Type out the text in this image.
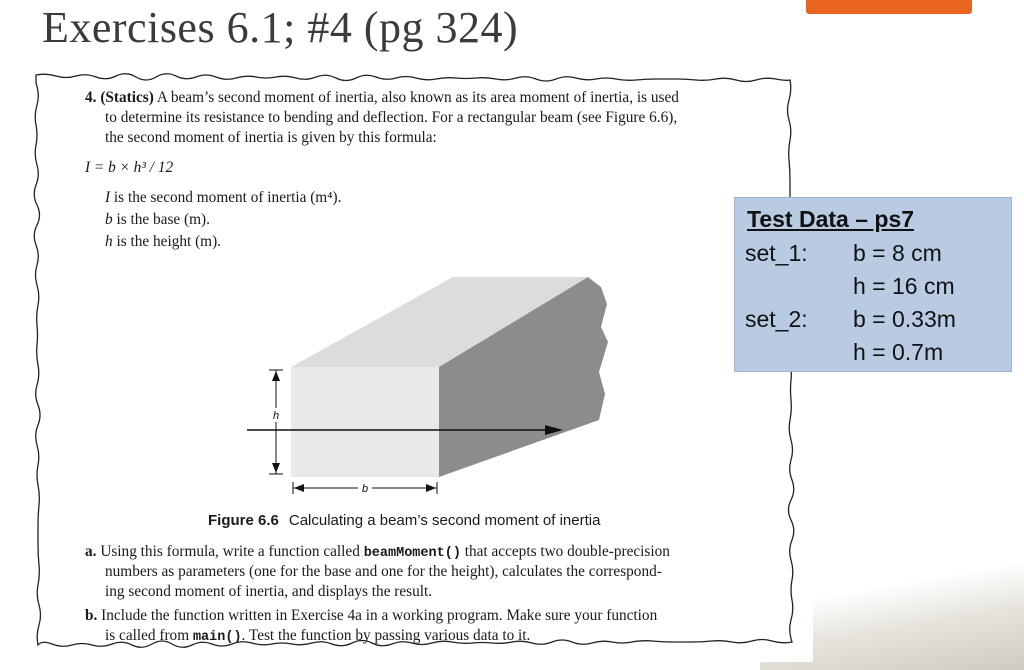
Exercises 6.1; #4 (pg 324)
4. (Statics) A beam’s second moment of inertia, also known as its area moment of inertia, is used
to determine its resistance to bending and deflection. For a rectangular beam (see Figure 6.6),
the second moment of inertia is given by this formula:
I = b × h³ / 12
I is the second moment of inertia (m⁴).
b is the base (m).
h is the height (m).
h
b
Figure 6.6 Calculating a beam’s second moment of inertia
a. Using this formula, write a function called beamMoment() that accepts two double-precision
numbers as parameters (one for the base and one for the height), calculates the correspond-
ing second moment of inertia, and displays the result.
b. Include the function written in Exercise 4a in a working program. Make sure your function
is called from main(). Test the function by passing various data to it.
Test Data – ps7
set_1: b = 8 cm
h = 16 cm
set_2: b = 0.33m
h = 0.7m
